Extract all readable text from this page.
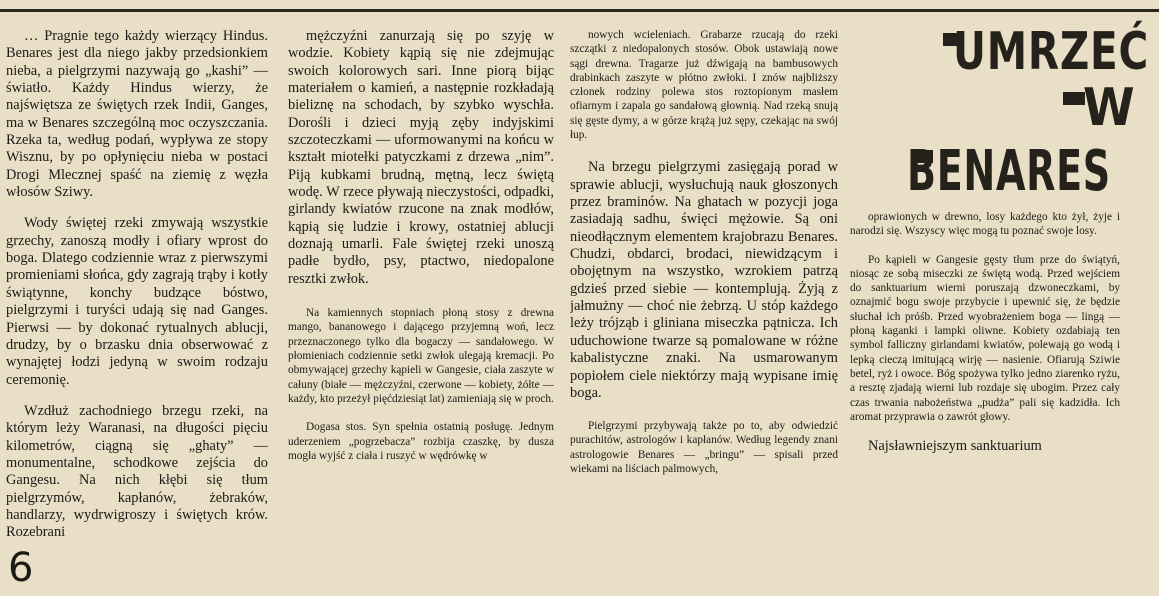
… Pragnie tego każdy wierzący Hindus. Benares jest dla niego jakby przedsionkiem nieba, a pielgrzymi nazywają go „kashi” — światło. Każdy Hindus wierzy, że najświętsza ze świętych rzek Indii, Ganges, ma w Benares szczególną moc oczyszczania. Rzeka ta, według podań, wypływa ze stopy Wisznu, by po opłynięciu nieba w postaci Drogi Mlecznej spaść na ziemię z węzła włosów Sziwy.

Wody świętej rzeki zmywają wszystkie grzechy, zanoszą modły i ofiary wprost do boga. Dlatego codziennie wraz z pierwszymi promieniami słońca, gdy zagrają trąby i kotły świątynne, konchy budzące bóstwo, pielgrzymi i turyści udają się nad Ganges. Pierwsi — by dokonać rytualnych ablucji, drudzy, by o brzasku dnia obserwować z wynajętej łodzi jedyną w swoim rodzaju ceremonię.

Wzdłuż zachodniego brzegu rzeki, na którym leży Waranasi, na długości pięciu kilometrów, ciągną się „ghaty” — monumentalne, schodkowe zejścia do Gangesu. Na nich kłębi się tłum pielgrzymów, kapłanów, żebraków, handlarzy, wydrwigroszy i świętych krów. Rozebrani

mężczyźni zanurzają się po szyję w wodzie. Kobiety kąpią się nie zdejmując swoich kolorowych sari. Inne piorą bijąc materiałem o kamień, a następnie rozkładają bieliznę na schodach, by szybko wyschła. Dorośli i dzieci myją zęby indyjskimi szczoteczkami — uformowanymi na końcu w kształt miotełki patyczkami z drzewa „nim”. Piją kubkami brudną, mętną, lecz świętą wodę. W rzece pływają nieczystości, odpadki, girlandy kwiatów rzucone na znak modłów, kąpią się ludzie i krowy, ostatniej ablucji doznają umarli. Fale świętej rzeki unoszą padłe bydło, psy, ptactwo, niedopalone resztki zwłok.

Na kamiennych stopniach płoną stosy z drewna mango, bananowego i dającego przyjemną woń, lecz przeznaczonego tylko dla bogaczy — sandałowego. W płomieniach codziennie setki zwłok ulegają kremacji. Po obmywającej grzechy kąpieli w Gangesie, ciała zaszyte w całuny (białe — mężczyźni, czerwone — kobiety, żółte — każdy, kto przeżył pięćdziesiąt lat) zamieniają się w proch.

Dogasa stos. Syn spełnia ostatnią posługę. Jednym uderzeniem „pogrzebacza” rozbija czaszkę, by dusza mogła wyjść z ciała i ruszyć w wędrówkę w

nowych wcieleniach. Grabarze rzucają do rzeki szczątki z niedopalonych stosów. Obok ustawiają nowe sągi drewna. Tragarze już dźwigają na bambusowych drabinkach zaszyte w płótno zwłoki. I znów najbliższy członek rodziny polewa stos roztopionym masłem ofiarnym i zapala go sandałową głownią. Nad rzeką snują się gęste dymy, a w górze krążą już sępy, czekając na swój łup.

Na brzegu pielgrzymi zasięgają porad w sprawie ablucji, wysłuchują nauk głoszonych przez braminów. Na ghatach w pozycji joga zasiadają sadhu, święci mężowie. Są oni nieodłącznym elementem krajobrazu Benares. Chudzi, obdarci, brodaci, niewidzącym i obojętnym na wszystko, wzrokiem patrzą gdzieś przed siebie — kontemplują. Żyją z jałmużny — choć nie żebrzą. U stóp każdego leży trójząb i gliniana miseczka pątnicza. Ich uduchowione twarze są pomalowane w różne kabalistyczne znaki. Na usmarowanym popiołem ciele niektórzy mają wypisane imię boga.

Pielgrzymi przybywają także po to, aby odwiedzić purachitów, astrologów i kapłanów. Według legendy znani astrologowie Benares — „bringu” — spisali przed wiekami na liściach palmowych,

UMRZEĆ
W
BENARES

oprawionych w drewno, losy każdego kto żył, żyje i narodzi się. Wszyscy więc mogą tu poznać swoje losy.

Po kąpieli w Gangesie gęsty tłum prze do świątyń, niosąc ze sobą miseczki ze świętą wodą. Przed wejściem do sanktuarium wierni poruszają dzwoneczkami, by oznajmić bogu swoje przybycie i upewnić się, że będzie słuchał ich próśb. Przed wyobrażeniem boga — lingą — płoną kaganki i lampki oliwne. Kobiety ozdabiają ten symbol falliczny girlandami kwiatów, polewają go wodą i lepką cieczą imitującą wirję — nasienie. Ofiarują Sziwie betel, ryż i owoce. Bóg spożywa tylko jedno ziarenko ryżu, a resztę zjadają wierni lub rozdaje się ubogim. Przez cały czas trwania nabożeństwa „pudża” pali się kadzidła. Ich aromat przyprawia o zawrót głowy.

Najsławniejszym sanktuarium

6
